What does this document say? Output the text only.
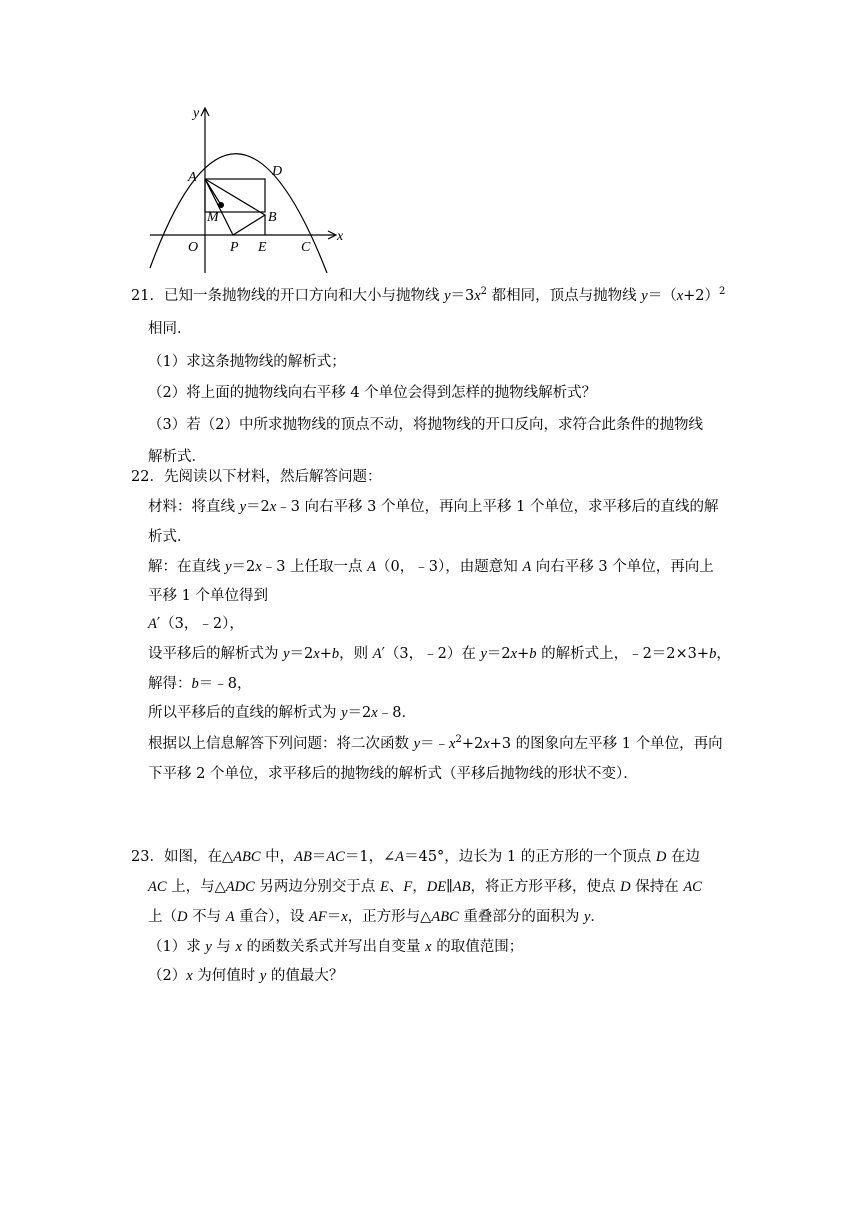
y
x
A	D
M	B
O P E C
21．已知一条抛物线的开口方向和大小与抛物线 $y=3x^2$ 都相同，顶点与抛物线 $y=(x+2)^2$
相同．
（1）求这条抛物线的解析式；
（2）将上面的抛物线向右平移 4 个单位会得到怎样的抛物线解析式？
（3）若（2）中所求抛物线的顶点不动，将抛物线的开口反向，求符合此条件的抛物线
解析式．
22．先阅读以下材料，然后解答问题：
材料：将直线 y＝2x﹣3 向右平移 3 个单位，再向上平移 1 个单位，求平移后的直线的解
析式．
解：在直线 y＝2x﹣3 上任取一点 A（0，﹣3），由题意知 A 向右平移 3 个单位，再向上
平移 1 个单位得到
A′（3，﹣2），
设平移后的解析式为 y＝2x+b，则 A′（3，﹣2）在 y＝2x+b 的解析式上，﹣2＝2×3+b，
解得：b＝﹣8，
所以平移后的直线的解析式为 y＝2x﹣8．
根据以上信息解答下列问题：将二次函数 $y=﹣x^2+2x+3$ 的图象向左平移 1 个单位，再向
下平移 2 个单位，求平移后的抛物线的解析式（平移后抛物线的形状不变）．
23．如图，在△ABC 中，AB＝AC＝1，∠A＝45°，边长为 1 的正方形的一个顶点 D 在边
AC 上，与△ADC 另两边分别交于点 E、F，DE∥AB，将正方形平移，使点 D 保持在 AC
上（D 不与 A 重合），设 AF＝x，正方形与△ABC 重叠部分的面积为 y．
（1）求 y 与 x 的函数关系式并写出自变量 x 的取值范围；
（2）x 为何值时 y 的值最大？
